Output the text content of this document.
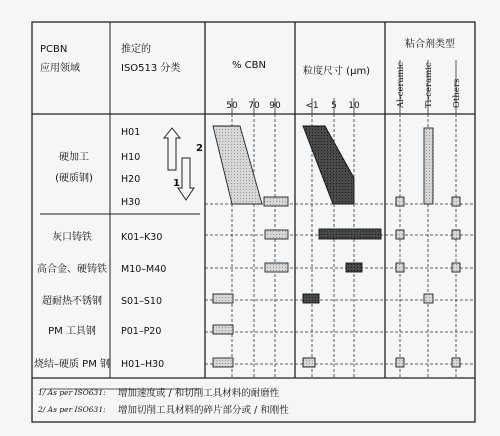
PCBN
应用领域
推定的
ISO513 分类	% CBN
50 70 90
粒度尺寸 (μm)
<1 5 10
粘合剂类型
Al-ceramic Ti-ceramic Others
硬加工
(硬质钢)
灰口铸铁
高合金、硬铸铁
超耐热不锈钢
PM 工具钢
烧结–硬质 PM 钢
H01
H10
H20
H30
K01–K30
M10–M40
S01–S10
P01–P20
H01–H30
2
1
1/ As per ISO631: 增加速度或 / 和切削工具材料的耐磨性
2/ As per ISO631: 增加切削工具材料的碎片部分或 / 和刚性
